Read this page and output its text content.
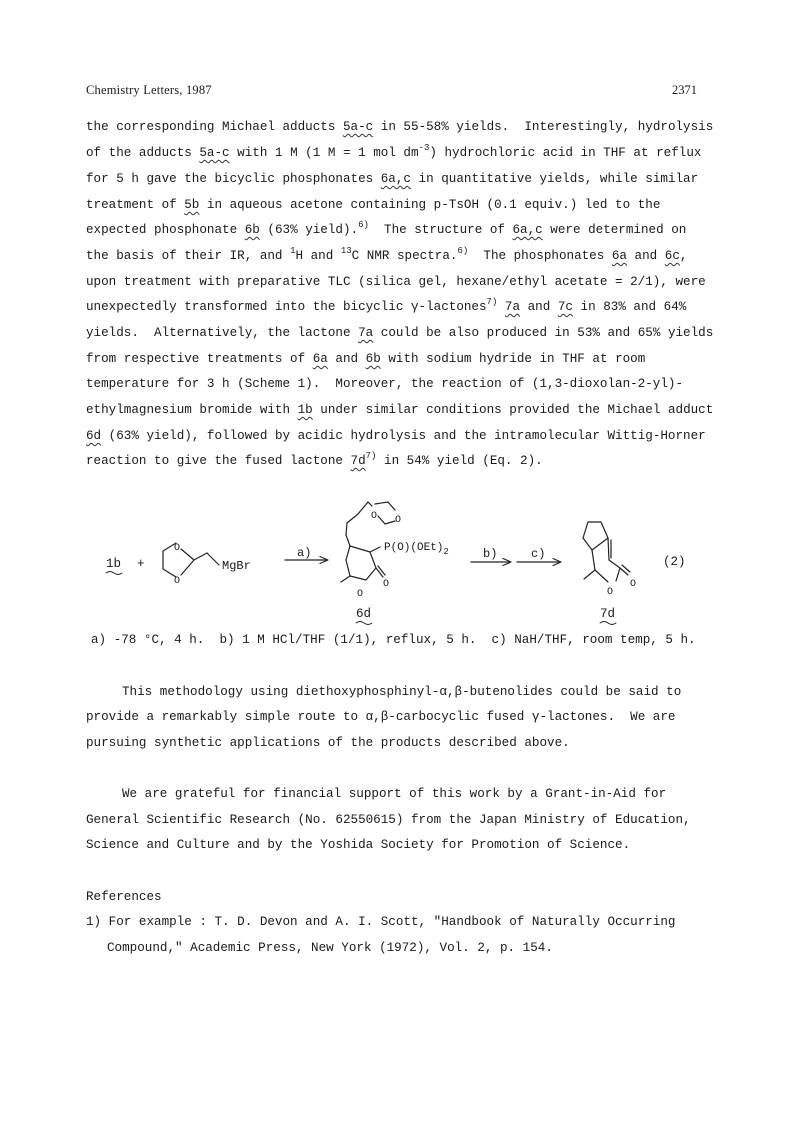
Chemistry Letters, 1987	2371
the corresponding Michael adducts 5a-c in 55-58% yields.  Interestingly, hydrolysis
of the adducts 5a-c with 1 M (1 M = 1 mol $dm^{-3}$) hydrochloric acid in THF at reflux
for 5 h gave the bicyclic phosphonates 6a,c in quantitative yields, while similar
treatment of 5b in aqueous acetone containing p-TsOH (0.1 equiv.) led to the
expected phosphonate 6b (63% yield).$^{6)}$  The structure of 6a,c were determined on
the basis of their IR, and $^1$H and $^{13}$C NMR spectra.$^{6)}$  The phosphonates 6a and 6c,
upon treatment with preparative TLC (silica gel, hexane/ethyl acetate = 2/1), were
unexpectedly transformed into the bicyclic γ-lactones$^{7)}$ 7a and 7c in 83% and 64%
yields.  Alternatively, the lactone 7a could be also produced in 53% and 65% yields
from respective treatments of 6a and 6b with sodium hydride in THF at room
temperature for 3 h (Scheme 1).  Moreover, the reaction of (1,3-dioxolan-2-yl)-
ethylmagnesium bromide with 1b under similar conditions provided the Michael adduct
6d (63% yield), followed by acidic hydrolysis and the intramolecular Wittig-Horner
reaction to give the fused lactone $7d^{7)}$ in 54% yield (Eq. 2).
1b +
O
O
MgBr
a)
O O
$P(O)(OEt)_2$
O
O
6d
b)	c)
O
O
7d
(2)
a) -78 °C, 4 h.  b) 1 M HCl/THF (1/1), reflux, 5 h.  c) NaH/THF, room temp, 5 h.
This methodology using diethoxyphosphinyl-α,β-butenolides could be said to
provide a remarkably simple route to α,β-carbocyclic fused γ-lactones.  We are
pursuing synthetic applications of the products described above.
We are grateful for financial support of this work by a Grant-in-Aid for
General Scientific Research (No. 62550615) from the Japan Ministry of Education,
Science and Culture and by the Yoshida Society for Promotion of Science.
References
1) For example : T. D. Devon and A. I. Scott, "Handbook of Naturally Occurring
Compound," Academic Press, New York (1972), Vol. 2, p. 154.
